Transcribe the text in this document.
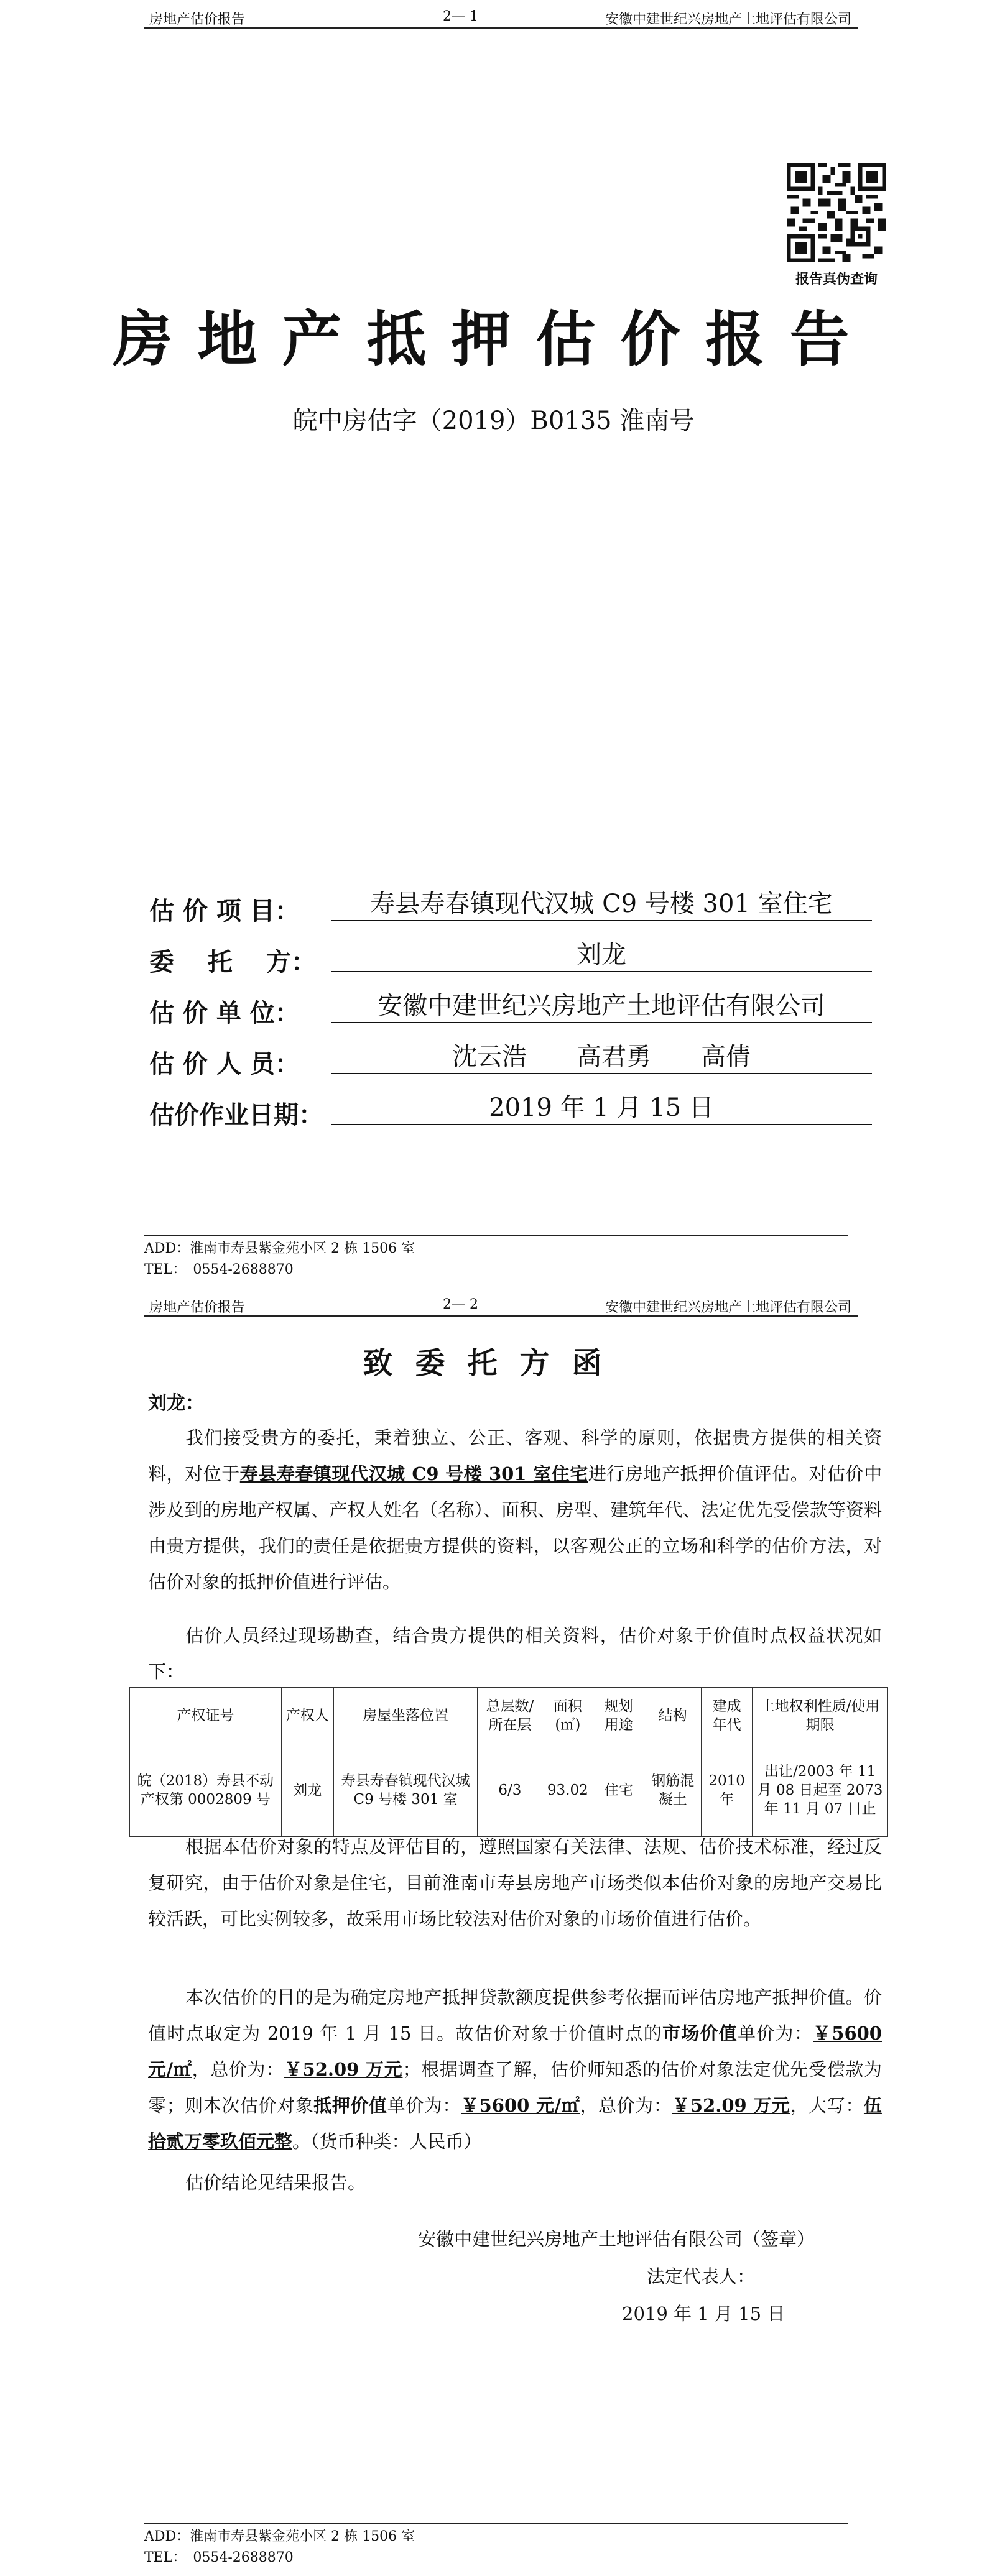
房地产估价报告	2— 1	安徽中建世纪兴房地产土地评估有限公司
报告真伪查询
房地产抵押估价报告
皖中房估字（2019）B0135 淮南号
估 价 项 目：	寿县寿春镇现代汉城 C9 号楼 301 室住宅
委　 托　 方：	刘龙
估 价 单 位：	安徽中建世纪兴房地产土地评估有限公司
估 价 人 员：	沈云浩　　高君勇　　高倩
估价作业日期：	2019 年 1 月 15 日
ADD：淮南市寿县紫金苑小区 2 栋 1506 室
TEL：　0554-2688870
房地产估价报告	2— 2	安徽中建世纪兴房地产土地评估有限公司
致委托方函
刘龙：

我们接受贵方的委托，秉着独立、公正、客观、科学的原则，依据贵方提供的相关资料，对位于寿县寿春镇现代汉城 C9 号楼 301 室住宅进行房地产抵押价值评估。对估价中涉及到的房地产权属、产权人姓名（名称）、面积、房型、建筑年代、法定优先受偿款等资料由贵方提供，我们的责任是依据贵方提供的资料，以客观公正的立场和科学的估价方法，对估价对象的抵押价值进行评估。

估价人员经过现场勘查，结合贵方提供的相关资料，估价对象于价值时点权益状况如下：

产权证号	产权人	房屋坐落位置	总层数/所在层	面积(㎡)	规划用途	结构	建成年代	土地权利性质/使用期限
皖（2018）寿县不动产权第 0002809 号	刘龙	寿县寿春镇现代汉城 C9 号楼 301 室	6/3	93.02	住宅	钢筋混凝土	2010 年	出让/2003 年 11 月 08 日起至 2073 年 11 月 07 日止

根据本估价对象的特点及评估目的，遵照国家有关法律、法规、估价技术标准，经过反复研究，由于估价对象是住宅，目前淮南市寿县房地产市场类似本估价对象的房地产交易比较活跃，可比实例较多，故采用市场比较法对估价对象的市场价值进行估价。

本次估价的目的是为确定房地产抵押贷款额度提供参考依据而评估房地产抵押价值。价值时点取定为 2019 年 1 月 15 日。故估价对象于价值时点的市场价值单价为：￥5600 元/㎡，总价为：￥52.09 万元；根据调查了解，估价师知悉的估价对象法定优先受偿款为零；则本次估价对象抵押价值单价为：￥5600 元/㎡，总价为：￥52.09 万元，大写：伍拾贰万零玖佰元整。（货币种类：人民币）

估价结论见结果报告。

安徽中建世纪兴房地产土地评估有限公司（签章）
法定代表人：
2019 年 1 月 15 日
ADD：淮南市寿县紫金苑小区 2 栋 1506 室
TEL：　0554-2688870
